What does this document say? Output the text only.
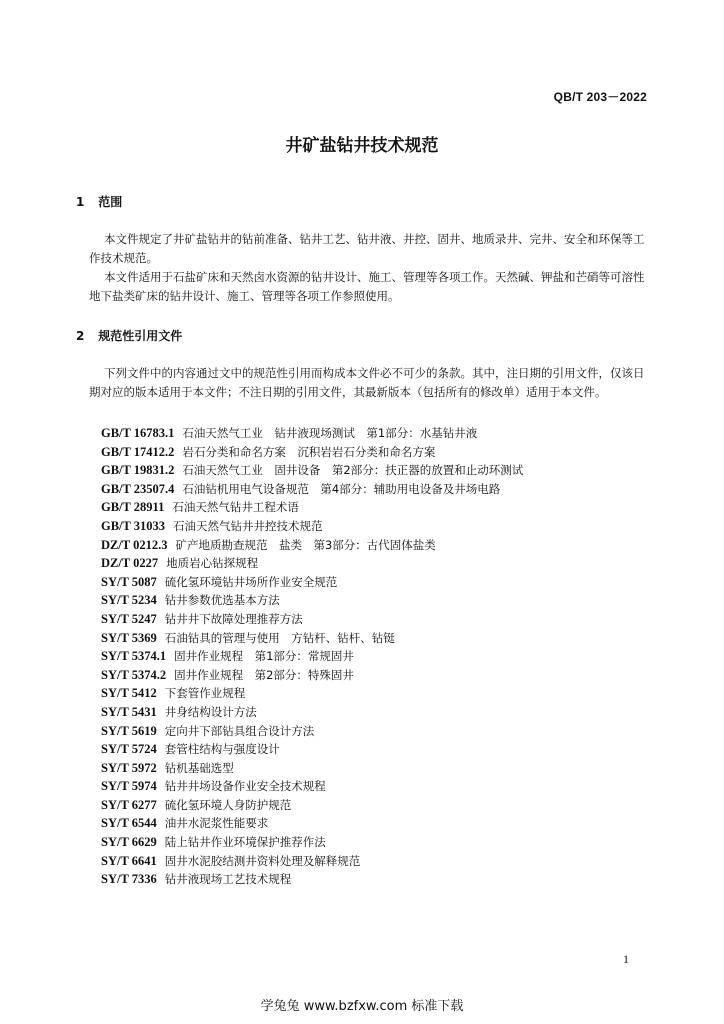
QB/T 203－2022
井矿盐钻井技术规范
1 范围
本文件规定了井矿盐钻井的钻前准备、钻井工艺、钻井液、井控、固井、地质录井、完井、安全和环保等工作技术规范。
本文件适用于石盐矿床和天然卤水资源的钻井设计、施工、管理等各项工作。天然碱、钾盐和芒硝等可溶性地下盐类矿床的钻井设计、施工、管理等各项工作参照使用。
2 规范性引用文件
下列文件中的内容通过文中的规范性引用而构成本文件必不可少的条款。其中，注日期的引用文件，仅该日期对应的版本适用于本文件；不注日期的引用文件，其最新版本（包括所有的修改单）适用于本文件。
GB/T 16783.1 石油天然气工业　钻井液现场测试　第1部分：水基钻井液
GB/T 17412.2 岩石分类和命名方案　沉积岩岩石分类和命名方案
GB/T 19831.2 石油天然气工业　固井设备　第2部分：扶正器的放置和止动环测试
GB/T 23507.4 石油钻机用电气设备规范　第4部分：辅助用电设备及井场电路
GB/T 28911 石油天然气钻井工程术语
GB/T 31033 石油天然气钻井井控技术规范
DZ/T 0212.3 矿产地质勘查规范　盐类　第3部分：古代固体盐类
DZ/T 0227 地质岩心钻探规程
SY/T 5087 硫化氢环境钻井场所作业安全规范
SY/T 5234 钻井参数优选基本方法
SY/T 5247 钻井井下故障处理推荐方法
SY/T 5369 石油钻具的管理与使用　方钻杆、钻杆、钻铤
SY/T 5374.1 固井作业规程　第1部分：常规固井
SY/T 5374.2 固井作业规程　第2部分：特殊固井
SY/T 5412 下套管作业规程
SY/T 5431 井身结构设计方法
SY/T 5619 定向井下部钻具组合设计方法
SY/T 5724 套管柱结构与强度设计
SY/T 5972 钻机基础选型
SY/T 5974 钻井井场设备作业安全技术规程
SY/T 6277 硫化氢环境人身防护规范
SY/T 6544 油井水泥浆性能要求
SY/T 6629 陆上钻井作业环境保护推荐作法
SY/T 6641 固井水泥胶结测井资料处理及解释规范
SY/T 7336 钻井液现场工艺技术规程
1
学兔兔 www.bzfxw.com 标准下载
